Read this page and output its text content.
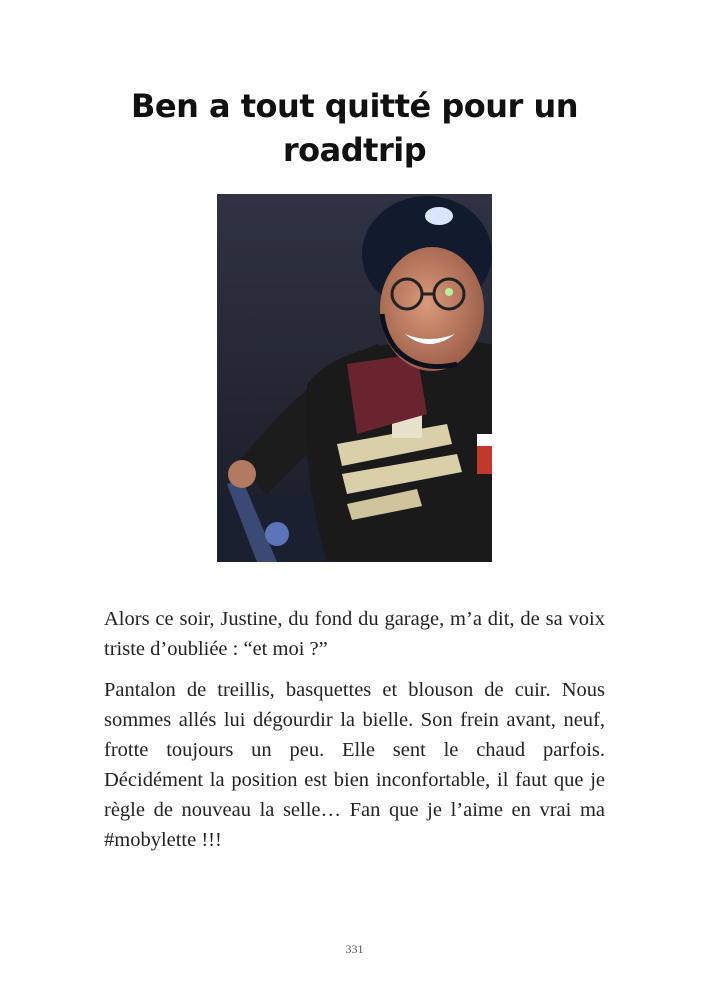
Ben a tout quitté pour un roadtrip

Alors ce soir, Justine, du fond du garage, m’a dit, de sa voix triste d’oubliée : “et moi ?”

Pantalon de treillis, basquettes et blouson de cuir. Nous sommes allés lui dégourdir la bielle. Son frein avant, neuf, frotte toujours un peu. Elle sent le chaud parfois. Décidément la position est bien inconfortable, il faut que je règle de nouveau la selle… Fan que je l’aime en vrai ma #mobylette !!!

331
